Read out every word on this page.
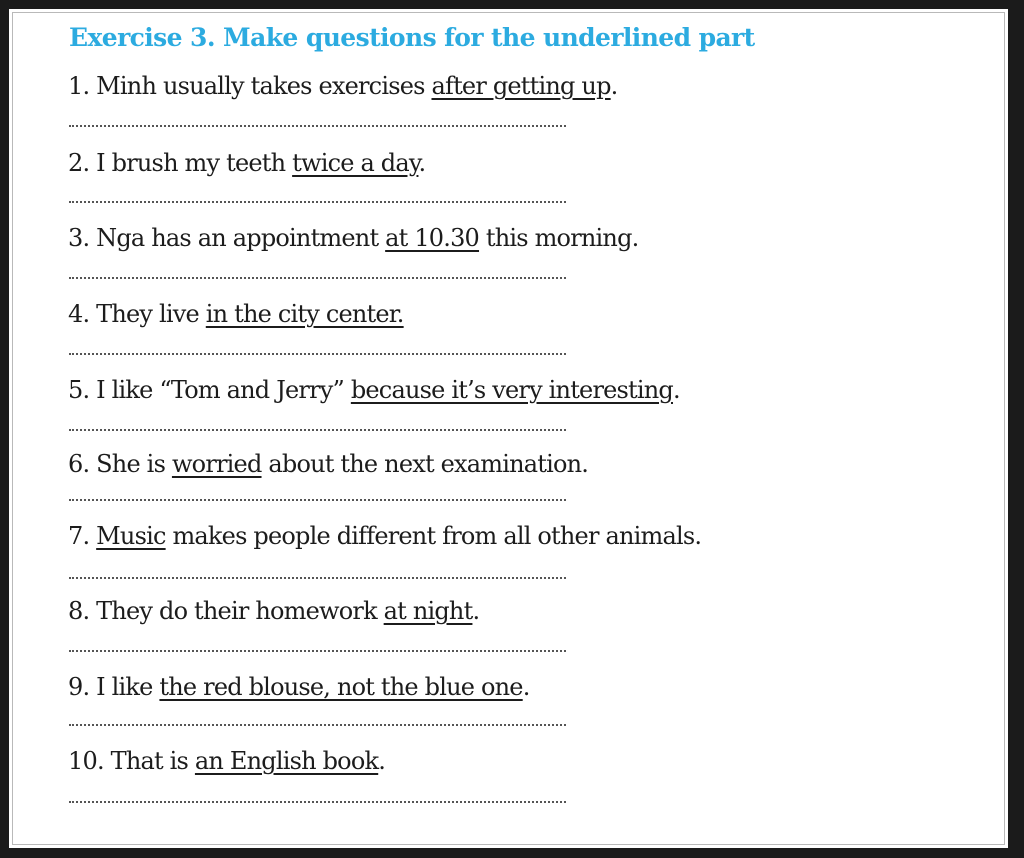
Exercise 3. Make questions for the underlined part

1. Minh usually takes exercises after getting up.

2. I brush my teeth twice a day.

3. Nga has an appointment at 10.30 this morning.

4. They live in the city center.

5. I like “Tom and Jerry” because it’s very interesting.

6. She is worried about the next examination.

7. Music makes people different from all other animals.

8. They do their homework at night.

9. I like the red blouse, not the blue one.

10. That is an English book.
